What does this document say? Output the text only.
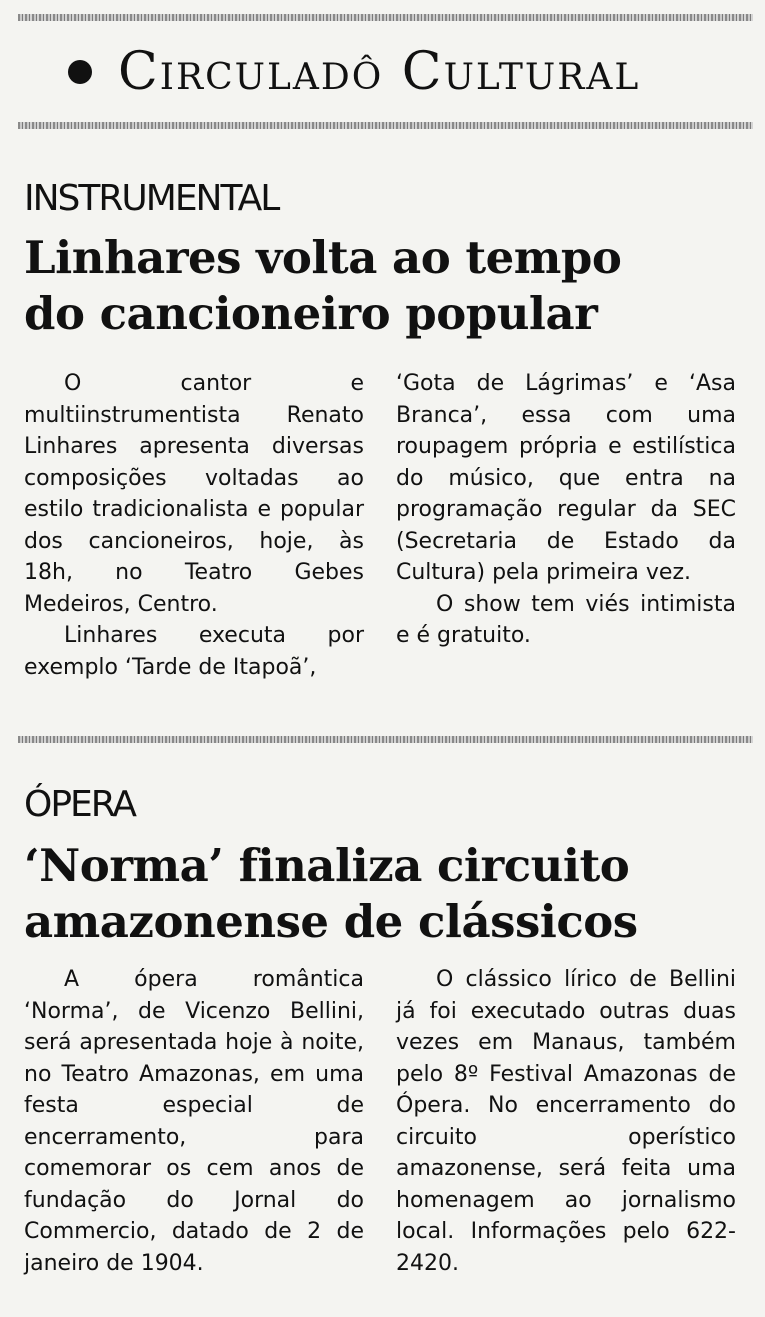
Circuladô Cultural
INSTRUMENTAL
Linhares volta ao tempo
do cancioneiro popular

O cantor e multiinstrumentista Renato Linhares apresenta diversas composições voltadas ao estilo tradicionalista e popular dos cancioneiros, hoje, às 18h, no Teatro Gebes Medeiros, Centro.

Linhares executa por exemplo ‘Tarde de Itapoã’,

‘Gota de Lágrimas’ e ‘Asa Branca’, essa com uma roupagem própria e estilística do músico, que entra na programação regular da SEC (Secretaria de Estado da Cultura) pela primeira vez.

O show tem viés intimista e é gratuito.

ÓPERA
‘Norma’ finaliza circuito
amazonense de clássicos

A ópera romântica ‘Norma’, de Vicenzo Bellini, será apresentada hoje à noite, no Teatro Amazonas, em uma festa especial de encerramento, para comemorar os cem anos de fundação do Jornal do Commercio, datado de 2 de janeiro de 1904.

O clássico lírico de Bellini já foi executado outras duas vezes em Manaus, também pelo 8º Festival Amazonas de Ópera. No encerramento do circuito operístico amazonense, será feita uma homenagem ao jornalismo local. Informações pelo 622-2420.
